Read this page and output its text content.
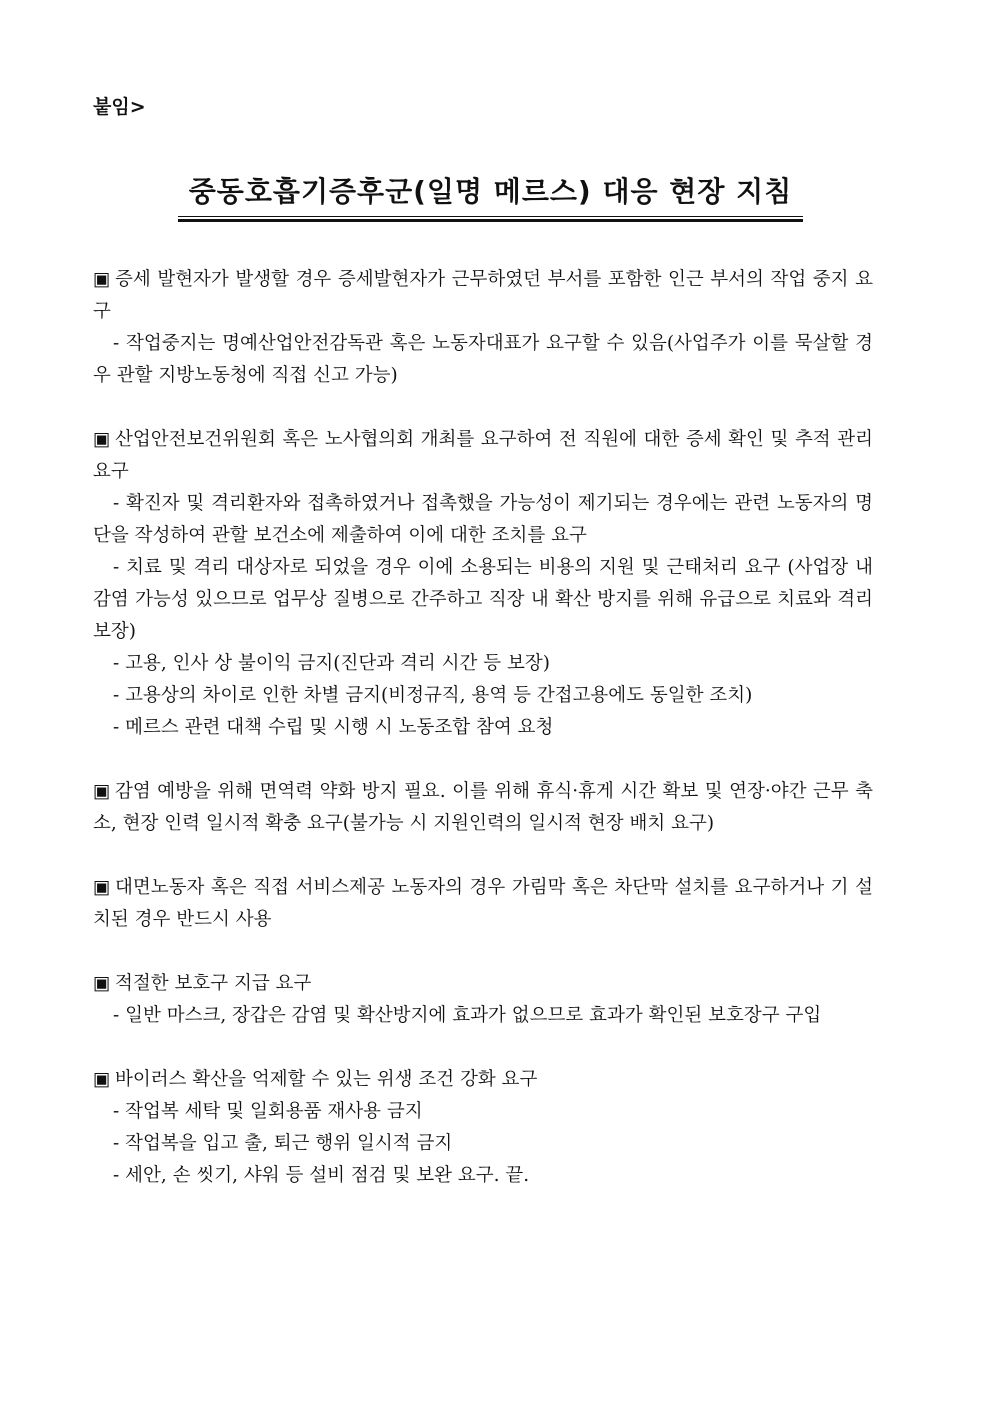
붙임>
중동호흡기증후군(일명 메르스) 대응 현장 지침
▣ 증세 발현자가 발생할 경우 증세발현자가 근무하였던 부서를 포함한 인근 부서의 작업 중지 요구
- 작업중지는 명예산업안전감독관 혹은 노동자대표가 요구할 수 있음(사업주가 이를 묵살할 경우 관할 지방노동청에 직접 신고 가능)
▣ 산업안전보건위원회 혹은 노사협의회 개최를 요구하여 전 직원에 대한 증세 확인 및 추적 관리 요구
- 확진자 및 격리환자와 접촉하였거나 접촉했을 가능성이 제기되는 경우에는 관련 노동자의 명단을 작성하여 관할 보건소에 제출하여 이에 대한 조치를 요구
- 치료 및 격리 대상자로 되었을 경우 이에 소용되는 비용의 지원 및 근태처리 요구 (사업장 내 감염 가능성 있으므로 업무상 질병으로 간주하고 직장 내 확산 방지를 위해 유급으로 치료와 격리 보장)
- 고용, 인사 상 불이익 금지(진단과 격리 시간 등 보장)
- 고용상의 차이로 인한 차별 금지(비정규직, 용역 등 간접고용에도 동일한 조치)
- 메르스 관련 대책 수립 및 시행 시 노동조합 참여 요청
▣ 감염 예방을 위해 면역력 약화 방지 필요. 이를 위해 휴식·휴게 시간 확보 및 연장·야간 근무 축소, 현장 인력 일시적 확충 요구(불가능 시 지원인력의 일시적 현장 배치 요구)
▣ 대면노동자 혹은 직접 서비스제공 노동자의 경우 가림막 혹은 차단막 설치를 요구하거나 기 설치된 경우 반드시 사용
▣ 적절한 보호구 지급 요구
- 일반 마스크, 장갑은 감염 및 확산방지에 효과가 없으므로 효과가 확인된 보호장구 구입
▣ 바이러스 확산을 억제할 수 있는 위생 조건 강화 요구
- 작업복 세탁 및 일회용품 재사용 금지
- 작업복을 입고 출, 퇴근 행위 일시적 금지
- 세안, 손 씻기, 샤워 등 설비 점검 및 보완 요구. 끝.
